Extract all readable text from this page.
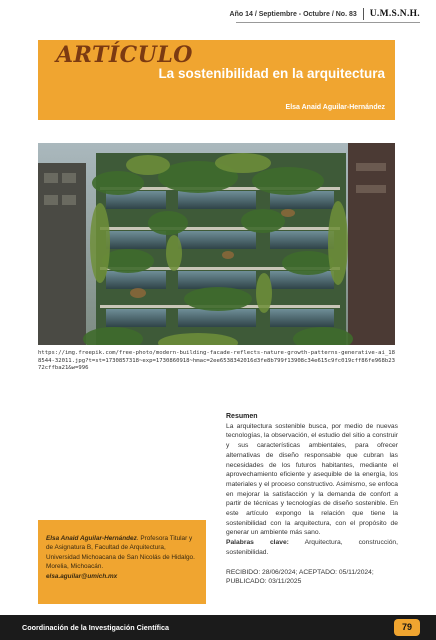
Año 14 / Septiembre - Octubre / No. 83 U.M.S.N.H.
ARTÍCULO
La sostenibilidad en la arquitectura
Elsa Anaid Aguilar-Hernández
https://img.freepik.com/free-photo/modern-building-facade-reflects-nature-growth-patterns-generative-ai_188544-32011.jpg?t=st=1730857318~exp=1730860918~hmac=2ee6538342016d3fe8b799f13908c34e615c9fc019cff86fe968b2372cffba21&w=996
Elsa Anaid Aguilar-Hernández. Profesora Titular y de Asignatura B, Facultad de Arquitectura, Universidad Michoacana de San Nicolás de Hidalgo. Morelia, Michoacán.
elsa.aguilar@umich.mx
Resumen
La arquitectura sostenible busca, por medio de nuevas tecnologías, la observación, el estudio del sitio a construir y sus características ambientales, para ofrecer alternativas de diseño responsable que cubran las necesidades de los futuros habitantes, mediante el aprovechamiento eficiente y asequible de la energía, los materiales y el proceso constructivo. Asimismo, se enfoca en mejorar la satisfacción y la demanda de confort a partir de técnicas y tecnologías de diseño sostenible. En este artículo expongo la relación que tiene la sostenibilidad con la arquitectura, con el propósito de generar un ambiente más sano.
Palabras clave: Arquitectura, construcción, sostenibilidad.
RECIBIDO: 28/06/2024; ACEPTADO: 05/11/2024;
PUBLICADO: 03/11/2025
Coordinación de la Investigación Científica	79
